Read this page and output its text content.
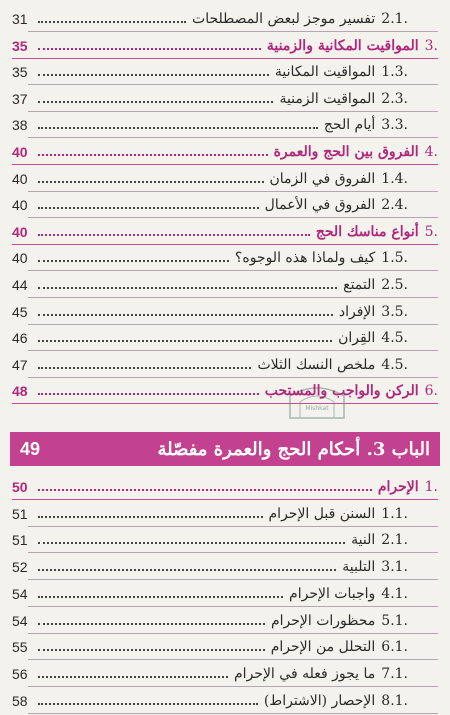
الباب 3. أحكام الحج والعمرة مفصّلة
49
Mishkat
.2.1
تفسير موجز لبعض المصطلحات
31
.3
المواقيت المكانية والزمنية
35
.1.3
المواقيت المكانية
35
.2.3
المواقيت الزمنية
37
.3.3
أيام الحج
38
.4
الفروق بين الحج والعمرة
40
.1.4
الفروق في الزمان
40
.2.4
الفروق في الأعمال
40
.5
أنواع مناسك الحج
40
.1.5
كيف ولماذا هذه الوجوه؟
40
.2.5
التمتع
44
.3.5
الإفراد
45
.4.5
القِران
46
.4.5
ملخص النسك الثلاث
47
.6
الركن والواجب والمستحب
48
.1
الإحرام
50
.1.1
السنن قبل الإحرام
51
.2.1
النية
51
.3.1
التلبية
52
.4.1
واجبات الإحرام
54
.5.1
محظورات الإحرام
54
.6.1
التحلل من الإحرام
55
.7.1
ما يجوز فعله في الإحرام
56
.8.1
الإحصار (الاشتراط)
58
